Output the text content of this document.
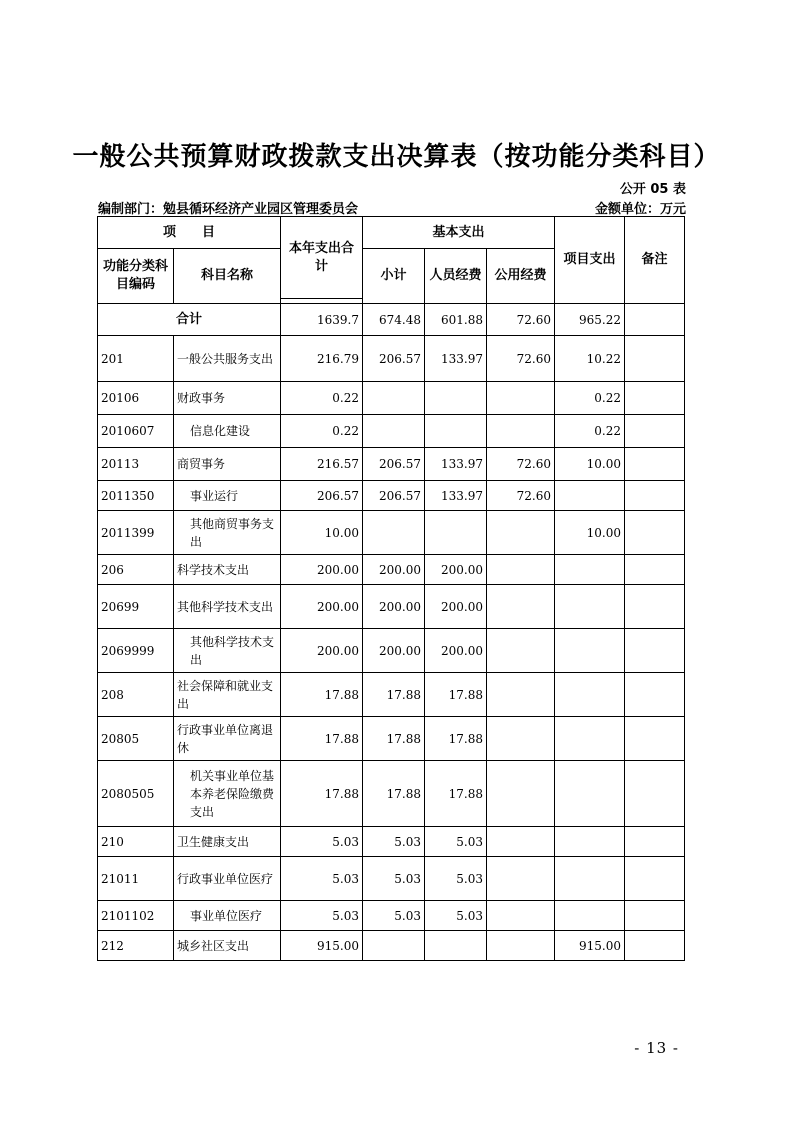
一般公共预算财政拨款支出决算表（按功能分类科目）
公开 05 表
编制部门：勉县循环经济产业园区管理委员会	金额单位：万元
项　　目		本年支出合计	基本支出			项目支出	备注
功能分类科目编码	科目名称		小计	人员经费	公用经费		

合计		1639.7	674.48	601.88	72.60	965.22	
201	一般公共服务支出	216.79	206.57	133.97	72.60	10.22	
20106	财政事务	0.22				0.22	
2010607	信息化建设	0.22				0.22	
20113	商贸事务	216.57	206.57	133.97	72.60	10.00	
2011350	事业运行	206.57	206.57	133.97	72.60		
2011399	其他商贸事务支出	10.00				10.00	
206	科学技术支出	200.00	200.00	200.00			
20699	其他科学技术支出	200.00	200.00	200.00			
2069999	其他科学技术支出	200.00	200.00	200.00			
208	社会保障和就业支出	17.88	17.88	17.88			
20805	行政事业单位离退休	17.88	17.88	17.88			
2080505	机关事业单位基本养老保险缴费支出	17.88	17.88	17.88			
210	卫生健康支出	5.03	5.03	5.03			
21011	行政事业单位医疗	5.03	5.03	5.03			
2101102	事业单位医疗	5.03	5.03	5.03			
212	城乡社区支出	915.00				915.00	
- 13 -
